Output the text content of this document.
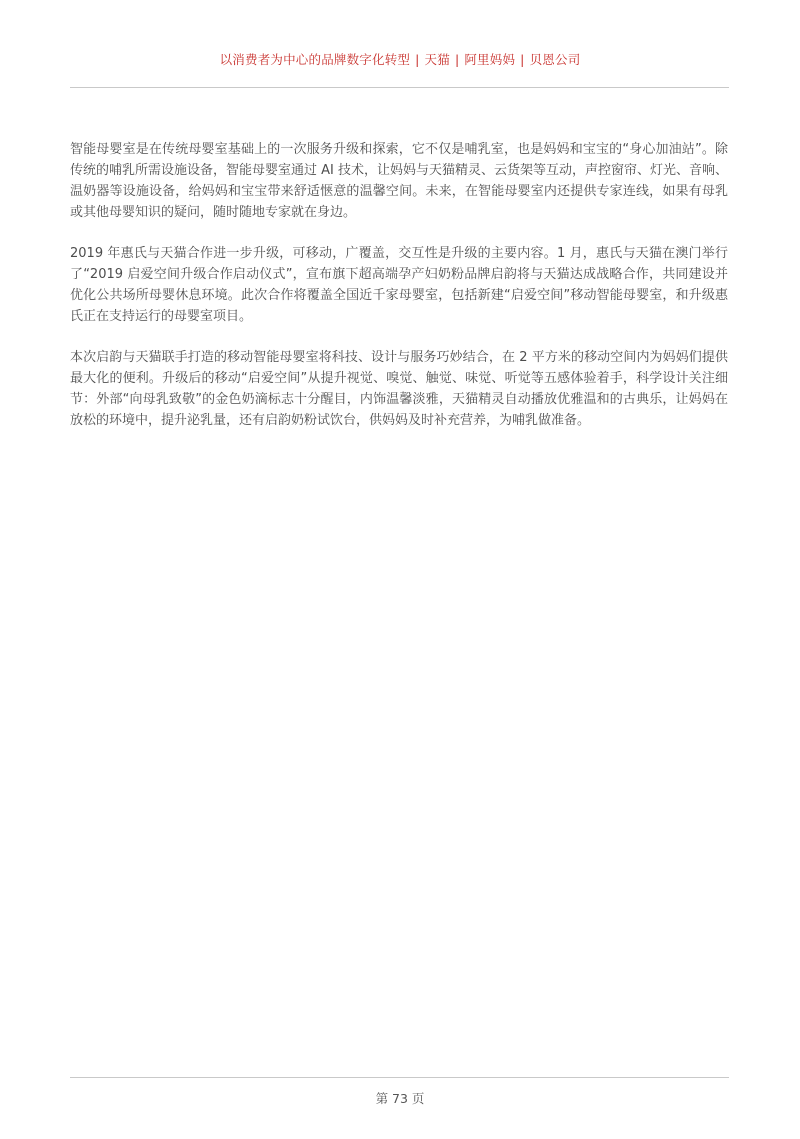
以消费者为中心的品牌数字化转型 | 天猫 | 阿里妈妈 | 贝恩公司

智能母婴室是在传统母婴室基础上的一次服务升级和探索，它不仅是哺乳室，也是妈妈和宝宝的“身心加油站”。除传统的哺乳所需设施设备，智能母婴室通过 AI 技术，让妈妈与天猫精灵、云货架等互动，声控窗帘、灯光、音响、温奶器等设施设备，给妈妈和宝宝带来舒适惬意的温馨空间。未来，在智能母婴室内还提供专家连线，如果有母乳或其他母婴知识的疑问，随时随地专家就在身边。

2019 年惠氏与天猫合作进一步升级，可移动，广覆盖，交互性是升级的主要内容。1 月，惠氏与天猫在澳门举行了“2019 启爱空间升级合作启动仪式”，宣布旗下超高端孕产妇奶粉品牌启韵将与天猫达成战略合作，共同建设并优化公共场所母婴休息环境。此次合作将覆盖全国近千家母婴室，包括新建“启爱空间”移动智能母婴室，和升级惠氏正在支持运行的母婴室项目。

本次启韵与天猫联手打造的移动智能母婴室将科技、设计与服务巧妙结合，在 2 平方米的移动空间内为妈妈们提供最大化的便利。升级后的移动“启爱空间”从提升视觉、嗅觉、触觉、味觉、听觉等五感体验着手，科学设计关注细节：外部“向母乳致敬”的金色奶滴标志十分醒目，内饰温馨淡雅，天猫精灵自动播放优雅温和的古典乐，让妈妈在放松的环境中，提升泌乳量，还有启韵奶粉试饮台，供妈妈及时补充营养，为哺乳做准备。

第 73 页
